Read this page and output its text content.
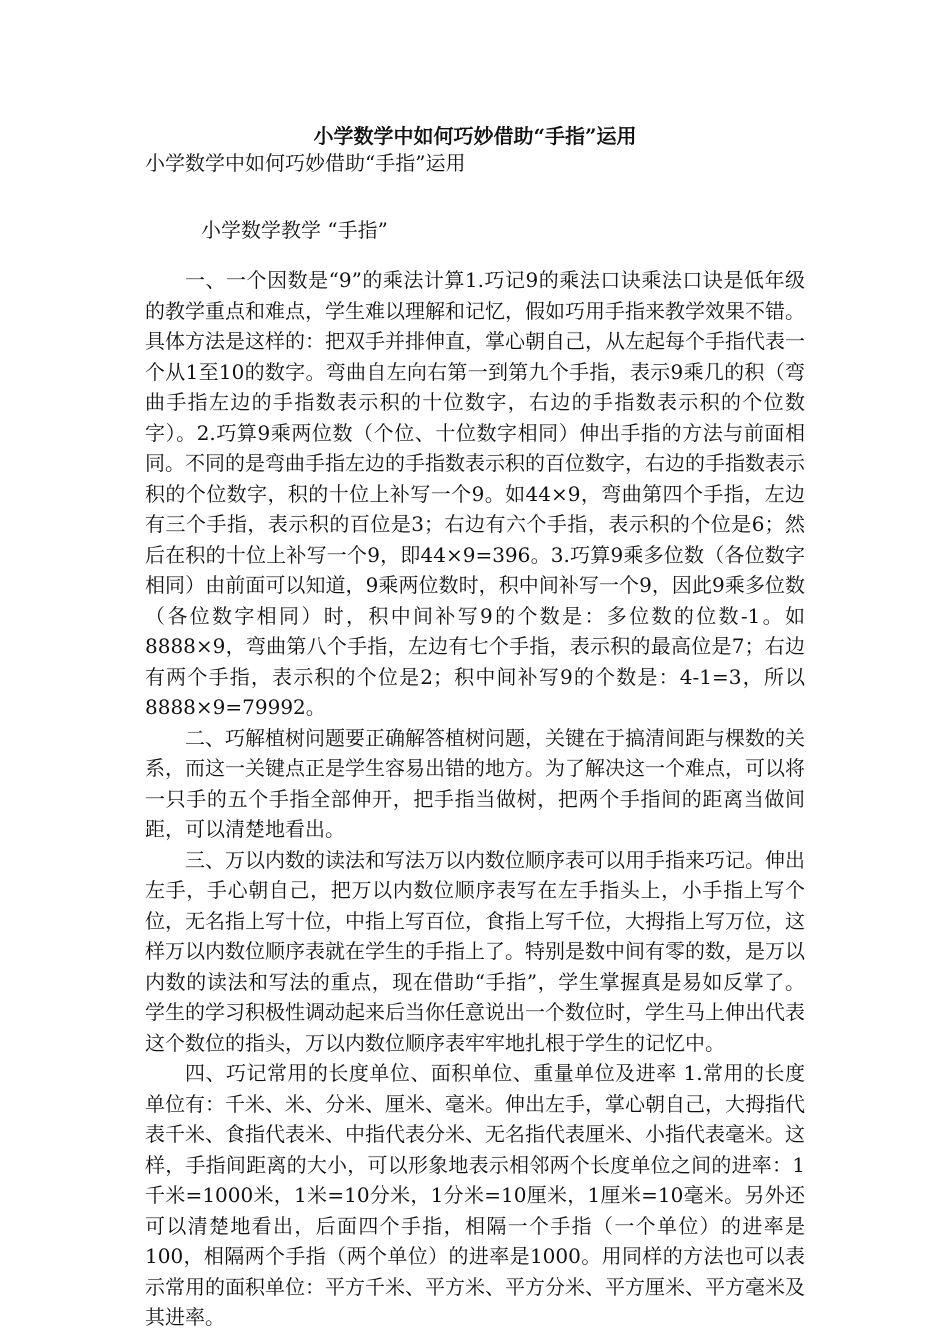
小学数学中如何巧妙借助“手指”运用

小学数学中如何巧妙借助“手指”运用

小学数学教学 “手指”

一、一个因数是“9”的乘法计算1.巧记9的乘法口诀乘法口诀是低年级的教学重点和难点，学生难以理解和记忆，假如巧用手指来教学效果不错。具体方法是这样的：把双手并排伸直，掌心朝自己，从左起每个手指代表一个从1至10的数字。弯曲自左向右第一到第九个手指，表示9乘几的积（弯曲手指左边的手指数表示积的十位数字，右边的手指数表示积的个位数字）。2.巧算9乘两位数（个位、十位数字相同）伸出手指的方法与前面相同。不同的是弯曲手指左边的手指数表示积的百位数字，右边的手指数表示积的个位数字，积的十位上补写一个9。如44×9，弯曲第四个手指，左边有三个手指，表示积的百位是3；右边有六个手指，表示积的个位是6；然后在积的十位上补写一个9，即44×9=396。3.巧算9乘多位数（各位数字相同）由前面可以知道，9乘两位数时，积中间补写一个9，因此9乘多位数（各位数字相同）时，积中间补写9的个数是：多位数的位数-1。如8888×9，弯曲第八个手指，左边有七个手指，表示积的最高位是7；右边有两个手指，表示积的个位是2；积中间补写9的个数是：4-1=3，所以8888×9=79992。

二、巧解植树问题要正确解答植树问题，关键在于搞清间距与棵数的关系，而这一关键点正是学生容易出错的地方。为了解决这一个难点，可以将一只手的五个手指全部伸开，把手指当做树，把两个手指间的距离当做间距，可以清楚地看出。

三、万以内数的读法和写法万以内数位顺序表可以用手指来巧记。伸出左手，手心朝自己，把万以内数位顺序表写在左手指头上，小手指上写个位，无名指上写十位，中指上写百位，食指上写千位，大拇指上写万位，这样万以内数位顺序表就在学生的手指上了。特别是数中间有零的数，是万以内数的读法和写法的重点，现在借助“手指”，学生掌握真是易如反掌了。学生的学习积极性调动起来后当你任意说出一个数位时，学生马上伸出代表这个数位的指头，万以内数位顺序表牢牢地扎根于学生的记忆中。

四、巧记常用的长度单位、面积单位、重量单位及进率 1.常用的长度单位有：千米、米、分米、厘米、毫米。伸出左手，掌心朝自己，大拇指代表千米、食指代表米、中指代表分米、无名指代表厘米、小指代表毫米。这样，手指间距离的大小，可以形象地表示相邻两个长度单位之间的进率：1千米=1000米，1米=10分米，1分米=10厘米，1厘米=10毫米。另外还可以清楚地看出，后面四个手指，相隔一个手指（一个单位）的进率是100，相隔两个手指（两个单位）的进率是1000。用同样的方法也可以表示常用的面积单位：平方千米、平方米、平方分米、平方厘米、平方毫米及其进率。
